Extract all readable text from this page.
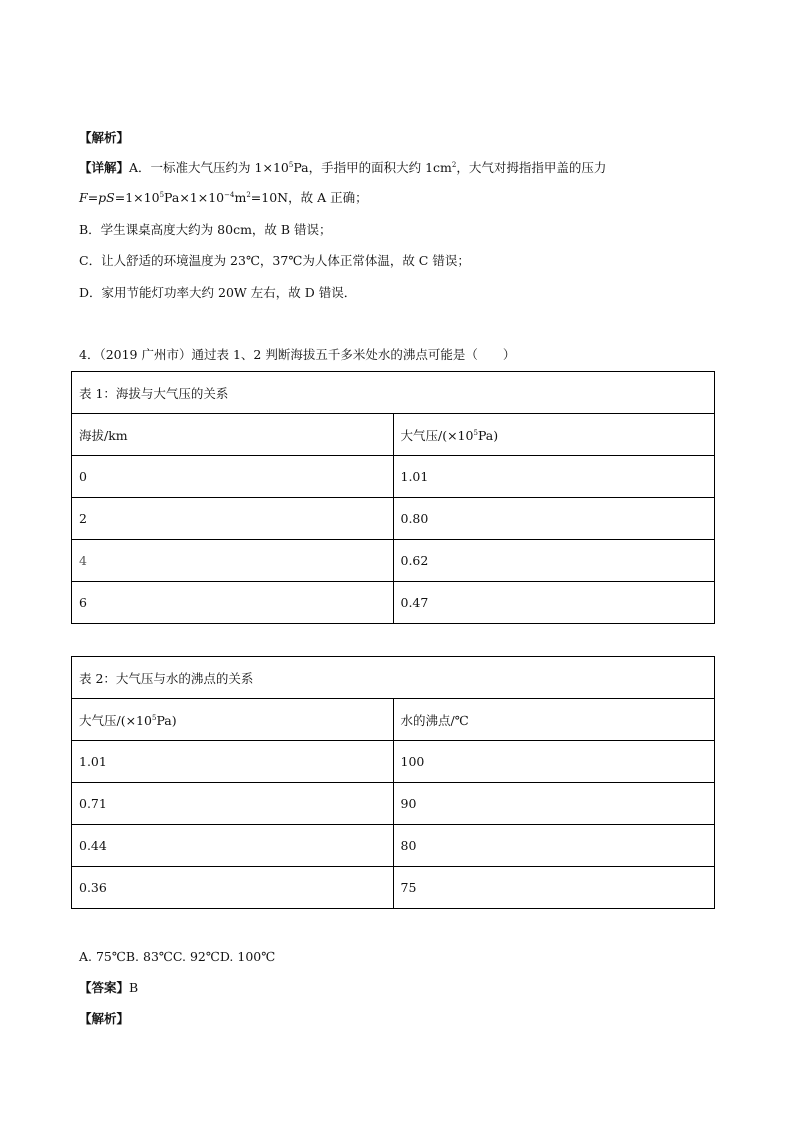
【解析】
【详解】A．一标准大气压约为 $1\times 10^5Pa$，手指甲的面积大约 $1cm^2$，大气对拇指指甲盖的压力
$F=pS=1\times 10^5Pa\times 1\times 10^{-4}m^2=10N$，故 A 正确；
B．学生课桌高度大约为 80cm，故 B 错误；
C．让人舒适的环境温度为 23℃，37℃为人体正常体温，故 C 错误；
D．家用节能灯功率大约 20W 左右，故 D 错误．
4．（2019 广州市）通过表 1、2 判断海拔五千多米处水的沸点可能是（　　）
表 1：海拔与大气压的关系	
海拔/km	大气压$/(\times 10^5Pa)$
0	1.01
2	0.80
4	0.62
6	0.47
表 2：大气压与水的沸点的关系	
大气压$/(\times 10^5Pa)$	水的沸点/℃
1.01	100
0.71	90
0.44	80
0.36	75
A. 75℃B. 83℃C. 92℃D. 100℃
【答案】B
【解析】
